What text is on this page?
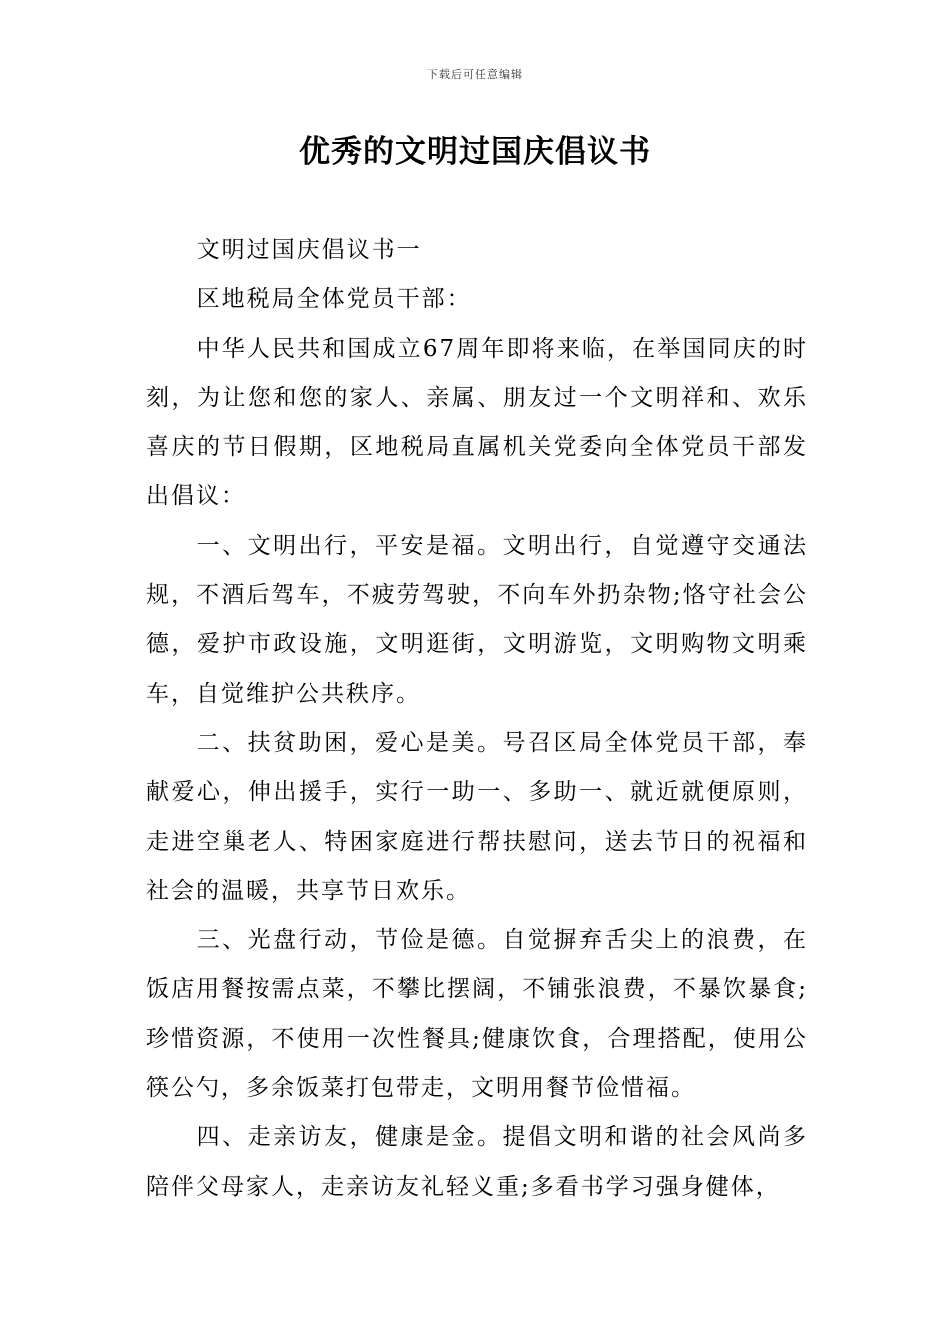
下载后可任意编辑
优秀的文明过国庆倡议书

文明过国庆倡议书一

区地税局全体党员干部：

中华人民共和国成立67周年即将来临，在举国同庆的时刻，为让您和您的家人、亲属、朋友过一个文明祥和、欢乐喜庆的节日假期，区地税局直属机关党委向全体党员干部发出倡议：

一、文明出行，平安是福。文明出行，自觉遵守交通法规，不酒后驾车，不疲劳驾驶，不向车外扔杂物;恪守社会公德，爱护市政设施，文明逛街，文明游览，文明购物文明乘车，自觉维护公共秩序。

二、扶贫助困，爱心是美。号召区局全体党员干部，奉献爱心，伸出援手，实行一助一、多助一、就近就便原则，走进空巢老人、特困家庭进行帮扶慰问，送去节日的祝福和社会的温暖，共享节日欢乐。

三、光盘行动，节俭是德。自觉摒弃舌尖上的浪费，在饭店用餐按需点菜，不攀比摆阔，不铺张浪费，不暴饮暴食;珍惜资源，不使用一次性餐具;健康饮食，合理搭配，使用公筷公勺，多余饭菜打包带走，文明用餐节俭惜福。

四、走亲访友，健康是金。提倡文明和谐的社会风尚多陪伴父母家人，走亲访友礼轻义重;多看书学习强身健体，
